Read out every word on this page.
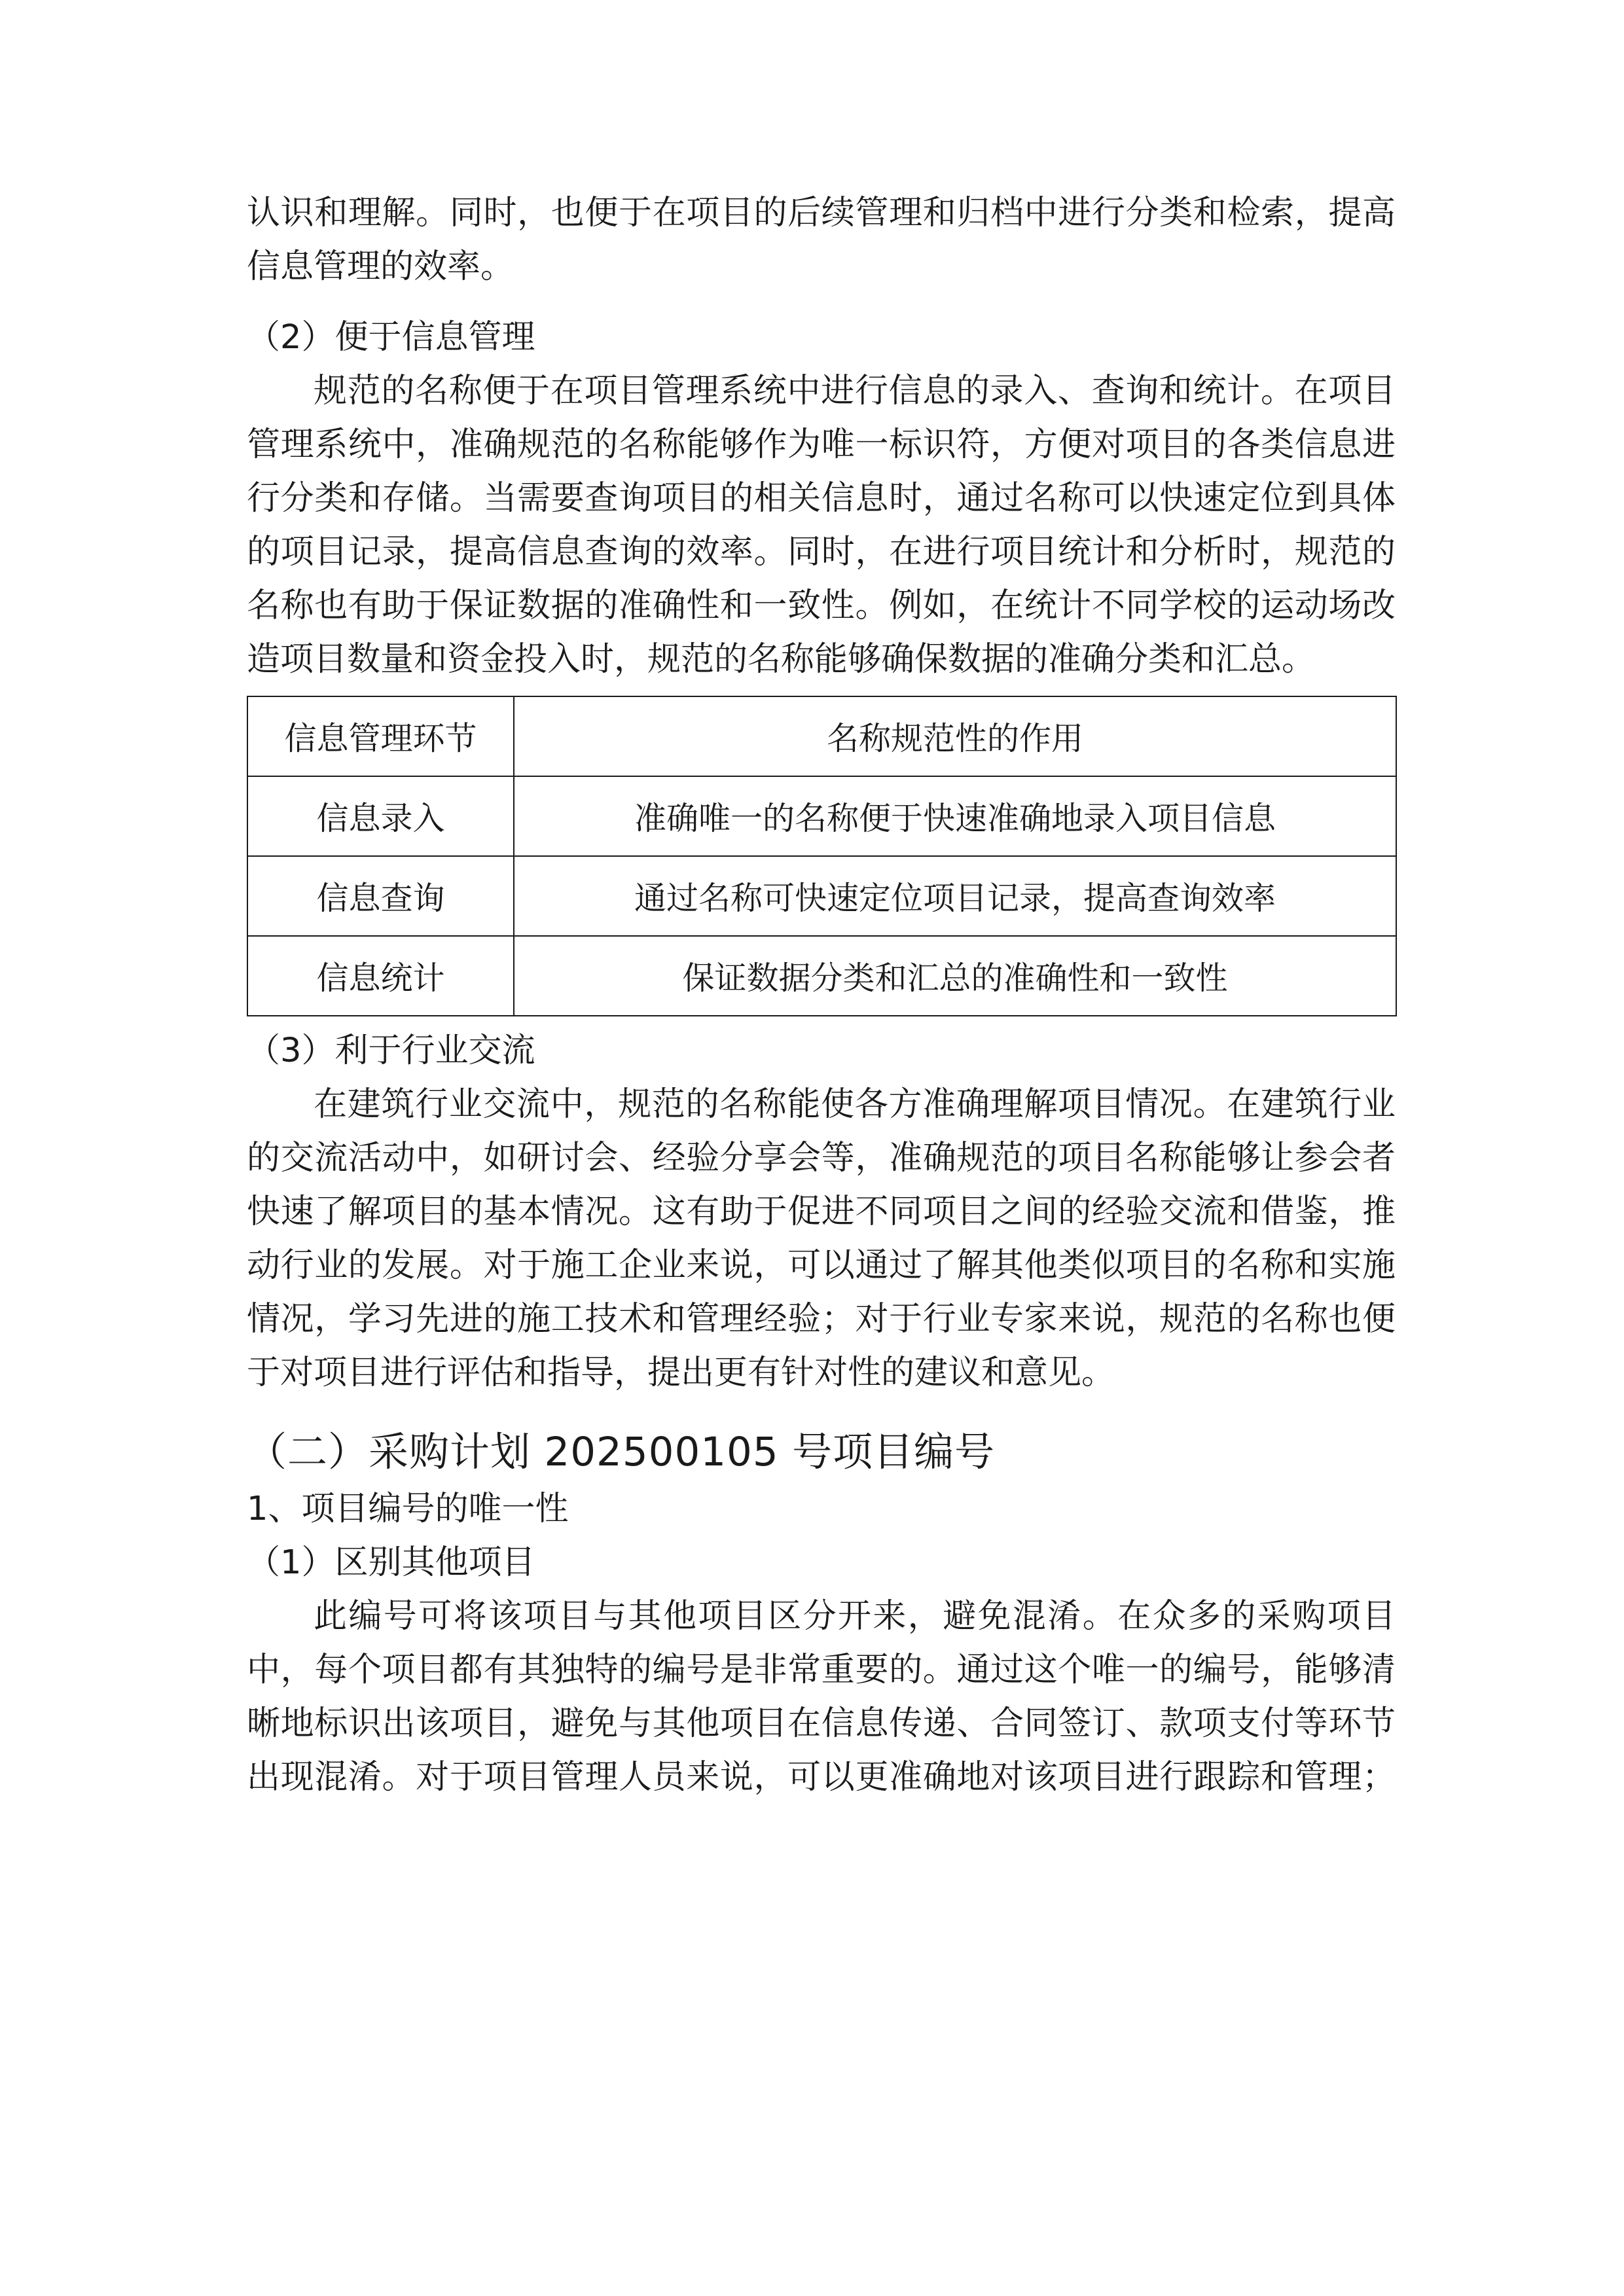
认识和理解。同时，也便于在项目的后续管理和归档中进行分类和检索，提高

信息管理的效率。

（2）便于信息管理

规范的名称便于在项目管理系统中进行信息的录入、查询和统计。在项目

管理系统中，准确规范的名称能够作为唯一标识符，方便对项目的各类信息进

行分类和存储。当需要查询项目的相关信息时，通过名称可以快速定位到具体

的项目记录，提高信息查询的效率。同时，在进行项目统计和分析时，规范的

名称也有助于保证数据的准确性和一致性。例如，在统计不同学校的运动场改

造项目数量和资金投入时，规范的名称能够确保数据的准确分类和汇总。

信息管理环节	名称规范性的作用
信息录入	准确唯一的名称便于快速准确地录入项目信息
信息查询	通过名称可快速定位项目记录，提高查询效率
信息统计	保证数据分类和汇总的准确性和一致性

（3）利于行业交流

在建筑行业交流中，规范的名称能使各方准确理解项目情况。在建筑行业

的交流活动中，如研讨会、经验分享会等，准确规范的项目名称能够让参会者

快速了解项目的基本情况。这有助于促进不同项目之间的经验交流和借鉴，推

动行业的发展。对于施工企业来说，可以通过了解其他类似项目的名称和实施

情况，学习先进的施工技术和管理经验；对于行业专家来说，规范的名称也便

于对项目进行评估和指导，提出更有针对性的建议和意见。

（二）采购计划 202500105 号项目编号

1、项目编号的唯一性

（1）区别其他项目

此编号可将该项目与其他项目区分开来，避免混淆。在众多的采购项目

中，每个项目都有其独特的编号是非常重要的。通过这个唯一的编号，能够清

晰地标识出该项目，避免与其他项目在信息传递、合同签订、款项支付等环节

出现混淆。对于项目管理人员来说，可以更准确地对该项目进行跟踪和管理；
